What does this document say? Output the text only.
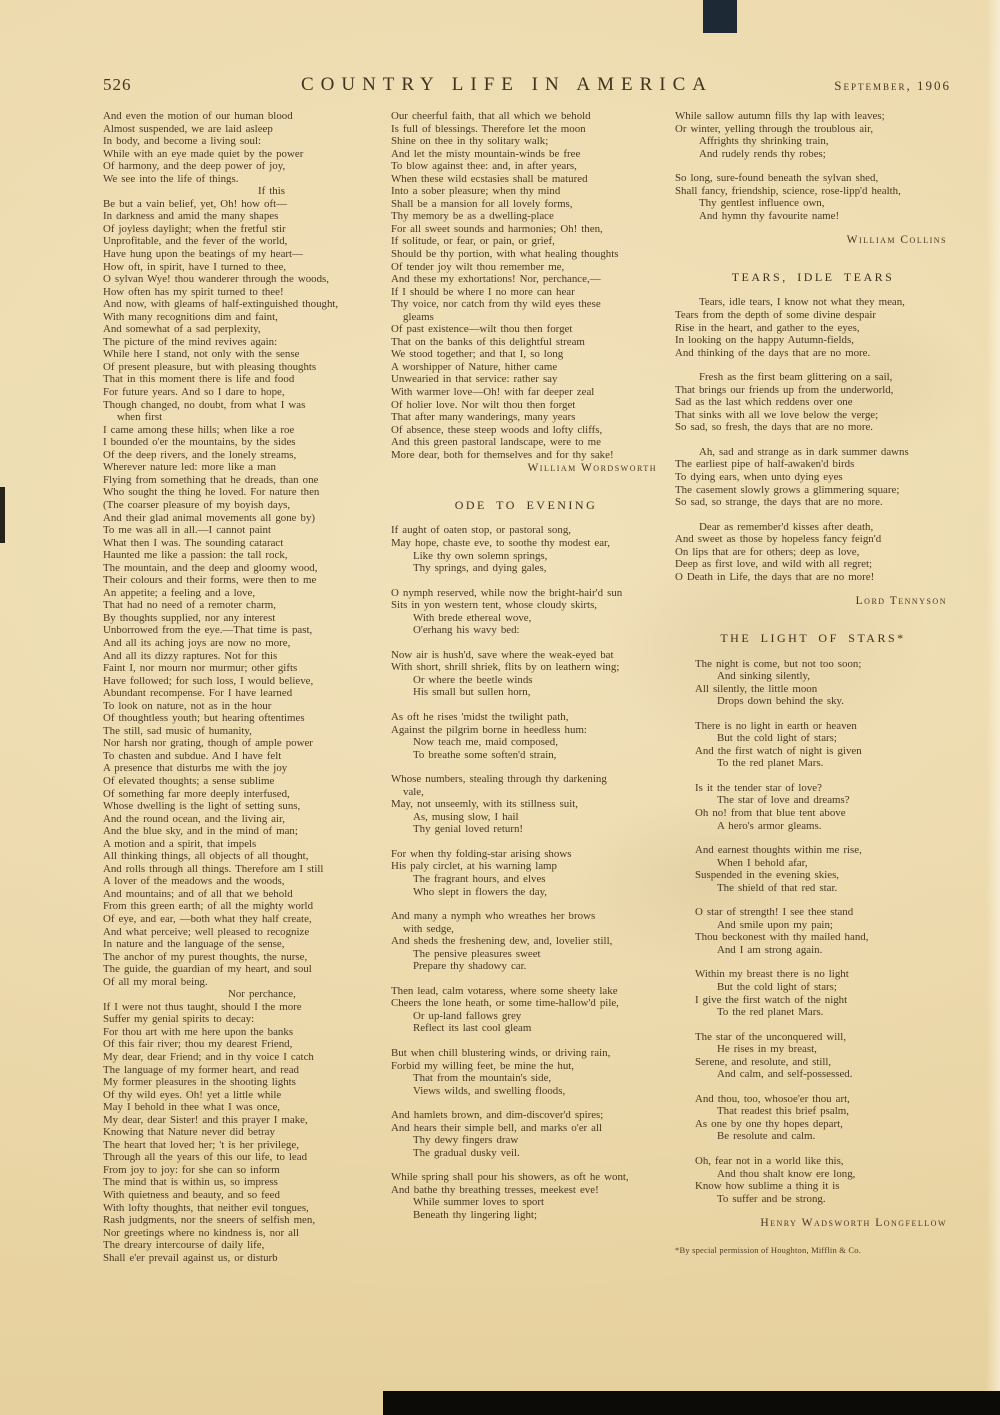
526	COUNTRY LIFE IN AMERICA	September, 1906
And even the motion of our human blood
Almost suspended, we are laid asleep
In body, and become a living soul:
While with an eye made quiet by the power
Of harmony, and the deep power of joy,
We see into the life of things.
If this
Be but a vain belief, yet, Oh! how oft—
In darkness and amid the many shapes
Of joyless daylight; when the fretful stir
Unprofitable, and the fever of the world,
Have hung upon the beatings of my heart—
How oft, in spirit, have I turned to thee,
O sylvan Wye! thou wanderer through the woods,
How often has my spirit turned to thee!
And now, with gleams of half-extinguished thought,
With many recognitions dim and faint,
And somewhat of a sad perplexity,
The picture of the mind revives again:
While here I stand, not only with the sense
Of present pleasure, but with pleasing thoughts
That in this moment there is life and food
For future years. And so I dare to hope,
Though changed, no doubt, from what I was
when first
I came among these hills; when like a roe
I bounded o'er the mountains, by the sides
Of the deep rivers, and the lonely streams,
Wherever nature led: more like a man
Flying from something that he dreads, than one
Who sought the thing he loved. For nature then
(The coarser pleasure of my boyish days,
And their glad animal movements all gone by)
To me was all in all.—I cannot paint
What then I was. The sounding cataract
Haunted me like a passion: the tall rock,
The mountain, and the deep and gloomy wood,
Their colours and their forms, were then to me
An appetite; a feeling and a love,
That had no need of a remoter charm,
By thoughts supplied, nor any interest
Unborrowed from the eye.—That time is past,
And all its aching joys are now no more,
And all its dizzy raptures. Not for this
Faint I, nor mourn nor murmur; other gifts
Have followed; for such loss, I would believe,
Abundant recompense. For I have learned
To look on nature, not as in the hour
Of thoughtless youth; but hearing oftentimes
The still, sad music of humanity,
Nor harsh nor grating, though of ample power
To chasten and subdue. And I have felt
A presence that disturbs me with the joy
Of elevated thoughts; a sense sublime
Of something far more deeply interfused,
Whose dwelling is the light of setting suns,
And the round ocean, and the living air,
And the blue sky, and in the mind of man;
A motion and a spirit, that impels
All thinking things, all objects of all thought,
And rolls through all things. Therefore am I still
A lover of the meadows and the woods,
And mountains; and of all that we behold
From this green earth; of all the mighty world
Of eye, and ear, —both what they half create,
And what perceive; well pleased to recognize
In nature and the language of the sense,
The anchor of my purest thoughts, the nurse,
The guide, the guardian of my heart, and soul
Of all my moral being.
Nor perchance,
If I were not thus taught, should I the more
Suffer my genial spirits to decay:
For thou art with me here upon the banks
Of this fair river; thou my dearest Friend,
My dear, dear Friend; and in thy voice I catch
The language of my former heart, and read
My former pleasures in the shooting lights
Of thy wild eyes. Oh! yet a little while
May I behold in thee what I was once,
My dear, dear Sister! and this prayer I make,
Knowing that Nature never did betray
The heart that loved her; 't is her privilege,
Through all the years of this our life, to lead
From joy to joy: for she can so inform
The mind that is within us, so impress
With quietness and beauty, and so feed
With lofty thoughts, that neither evil tongues,
Rash judgments, nor the sneers of selfish men,
Nor greetings where no kindness is, nor all
The dreary intercourse of daily life,
Shall e'er prevail against us, or disturb
Our cheerful faith, that all which we behold
Is full of blessings. Therefore let the moon
Shine on thee in thy solitary walk;
And let the misty mountain-winds be free
To blow against thee: and, in after years,
When these wild ecstasies shall be matured
Into a sober pleasure; when thy mind
Shall be a mansion for all lovely forms,
Thy memory be as a dwelling-place
For all sweet sounds and harmonies; Oh! then,
If solitude, or fear, or pain, or grief,
Should be thy portion, with what healing thoughts
Of tender joy wilt thou remember me,
And these my exhortations! Nor, perchance,—
If I should be where I no more can hear
Thy voice, nor catch from thy wild eyes these
gleams
Of past existence—wilt thou then forget
That on the banks of this delightful stream
We stood together; and that I, so long
A worshipper of Nature, hither came
Unwearied in that service: rather say
With warmer love—Oh! with far deeper zeal
Of holier love. Nor wilt thou then forget
That after many wanderings, many years
Of absence, these steep woods and lofty cliffs,
And this green pastoral landscape, were to me
More dear, both for themselves and for thy sake!
William Wordsworth
ODE TO EVENING
If aught of oaten stop, or pastoral song,
May hope, chaste eve, to soothe thy modest ear,
Like thy own solemn springs,
Thy springs, and dying gales,
O nymph reserved, while now the bright-hair'd sun
Sits in yon western tent, whose cloudy skirts,
With brede ethereal wove,
O'erhang his wavy bed:
Now air is hush'd, save where the weak-eyed bat
With short, shrill shriek, flits by on leathern wing;
Or where the beetle winds
His small but sullen horn,
As oft he rises 'midst the twilight path,
Against the pilgrim borne in heedless hum:
Now teach me, maid composed,
To breathe some soften'd strain,
Whose numbers, stealing through thy darkening
vale,
May, not unseemly, with its stillness suit,
As, musing slow, I hail
Thy genial loved return!
For when thy folding-star arising shows
His paly circlet, at his warning lamp
The fragrant hours, and elves
Who slept in flowers the day,
And many a nymph who wreathes her brows
with sedge,
And sheds the freshening dew, and, lovelier still,
The pensive pleasures sweet
Prepare thy shadowy car.
Then lead, calm votaress, where some sheety lake
Cheers the lone heath, or some time-hallow'd pile,
Or up-land fallows grey
Reflect its last cool gleam
But when chill blustering winds, or driving rain,
Forbid my willing feet, be mine the hut,
That from the mountain's side,
Views wilds, and swelling floods,
And hamlets brown, and dim-discover'd spires;
And hears their simple bell, and marks o'er all
Thy dewy fingers draw
The gradual dusky veil.
While spring shall pour his showers, as oft he wont,
And bathe thy breathing tresses, meekest eve!
While summer loves to sport
Beneath thy lingering light;
While sallow autumn fills thy lap with leaves;
Or winter, yelling through the troublous air,
Affrights thy shrinking train,
And rudely rends thy robes;
So long, sure-found beneath the sylvan shed,
Shall fancy, friendship, science, rose-lipp'd health,
Thy gentlest influence own,
And hymn thy favourite name!
William Collins
TEARS, IDLE TEARS
Tears, idle tears, I know not what they mean,
Tears from the depth of some divine despair
Rise in the heart, and gather to the eyes,
In looking on the happy Autumn-fields,
And thinking of the days that are no more.
Fresh as the first beam glittering on a sail,
That brings our friends up from the underworld,
Sad as the last which reddens over one
That sinks with all we love below the verge;
So sad, so fresh, the days that are no more.
Ah, sad and strange as in dark summer dawns
The earliest pipe of half-awaken'd birds
To dying ears, when unto dying eyes
The casement slowly grows a glimmering square;
So sad, so strange, the days that are no more.
Dear as remember'd kisses after death,
And sweet as those by hopeless fancy feign'd
On lips that are for others; deep as love,
Deep as first love, and wild with all regret;
O Death in Life, the days that are no more!
Lord Tennyson
THE LIGHT OF STARS*
The night is come, but not too soon;
And sinking silently,
All silently, the little moon
Drops down behind the sky.
There is no light in earth or heaven
But the cold light of stars;
And the first watch of night is given
To the red planet Mars.
Is it the tender star of love?
The star of love and dreams?
Oh no! from that blue tent above
A hero's armor gleams.
And earnest thoughts within me rise,
When I behold afar,
Suspended in the evening skies,
The shield of that red star.
O star of strength! I see thee stand
And smile upon my pain;
Thou beckonest with thy mailed hand,
And I am strong again.
Within my breast there is no light
But the cold light of stars;
I give the first watch of the night
To the red planet Mars.
The star of the unconquered will,
He rises in my breast,
Serene, and resolute, and still,
And calm, and self-possessed.
And thou, too, whosoe'er thou art,
That readest this brief psalm,
As one by one thy hopes depart,
Be resolute and calm.
Oh, fear not in a world like this,
And thou shalt know ere long,
Know how sublime a thing it is
To suffer and be strong.
Henry Wadsworth Longfellow
*By special permission of Houghton, Mifflin & Co.
